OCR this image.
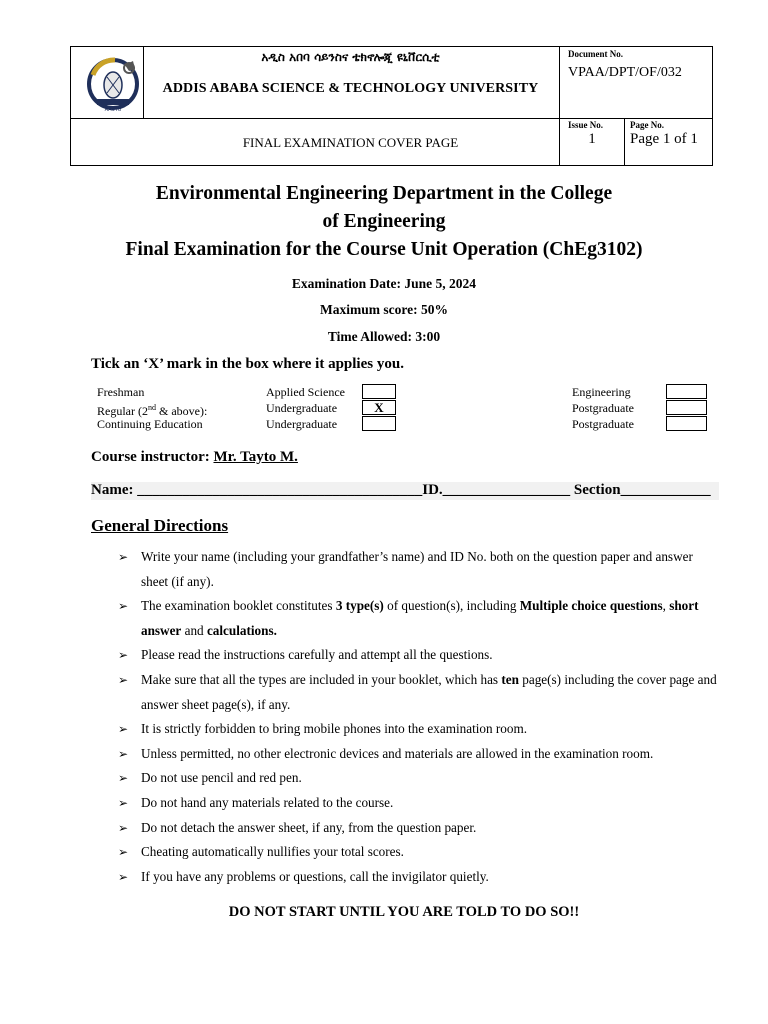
AASTU
አዲስ አበባ ሳይንስና ቴክኖሎጂ ዩኒቨርሲቲ
ADDIS ABABA SCIENCE & TECHNOLOGY UNIVERSITY
Document No.
VPAA/DPT/OF/032
FINAL EXAMINATION COVER PAGE
Issue No.
1
Page No.
Page 1 of 1
Environmental Engineering Department in the College
of Engineering
Final Examination for the Course Unit Operation (ChEg3102)
Examination Date: June 5, 2024
Maximum score: 50%
Time Allowed: 3:00
Tick an ‘X’ mark in the box where it applies you.
Freshman
Regular (2nd & above):
Continuing Education
Applied Science
Undergraduate
Undergraduate
X
Engineering
Postgraduate
Postgraduate
Course instructor: Mr. Tayto M.
Name: ______________________________________ID._________________ Section____________
General Directions
➢ Write your name (including your grandfather’s name) and ID No. both on the question paper and answer sheet (if any).
➢ The examination booklet constitutes 3 type(s) of question(s), including Multiple choice questions, short answer and calculations.
➢ Please read the instructions carefully and attempt all the questions.
➢ Make sure that all the types are included in your booklet, which has ten page(s) including the cover page and answer sheet page(s), if any.
➢ It is strictly forbidden to bring mobile phones into the examination room.
➢ Unless permitted, no other electronic devices and materials are allowed in the examination room.
➢ Do not use pencil and red pen.
➢ Do not hand any materials related to the course.
➢ Do not detach the answer sheet, if any, from the question paper.
➢ Cheating automatically nullifies your total scores.
➢ If you have any problems or questions, call the invigilator quietly.
DO NOT START UNTIL YOU ARE TOLD TO DO SO!!
